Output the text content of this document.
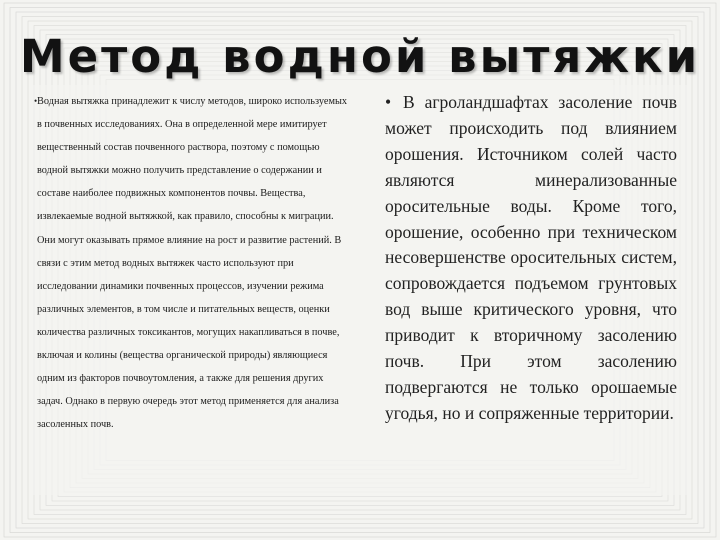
Метод водной вытяжки
• Водная вытяжка принадлежит к числу методов, широко используемых в почвенных исследованиях. Она в определенной мере имитирует вещественный состав почвенного раствора, поэтому с помощью водной вытяжки можно получить представление о содержании и составе наиболее подвижных компонентов почвы. Вещества, извлекаемые водной вытяжкой, как правило, способны к миграции. Они могут оказывать прямое влияние на рост и развитие растений. В связи с этим метод водных вытяжек часто используют при исследовании динамики почвенных процессов, изучении режима различных элементов, в том числе и питательных веществ, оценки количества различных токсикантов, могущих накапливаться в почве, включая и колины (вещества органической природы) являющиеся одним из факторов почвоутомления, а также для решения других задач. Однако в первую очередь этот метод применяется для анализа засоленных почв.
• В агроландшафтах засоление почв может происходить под влиянием орошения. Источником солей часто являются минерализованные оросительные воды. Кроме того, орошение, особенно при техническом несовершенстве оросительных систем, сопровождается подъемом грунтовых вод выше критического уровня, что приводит к вторичному засолению почв. При этом засолению подвергаются не только орошаемые угодья, но и сопряженные территории.
